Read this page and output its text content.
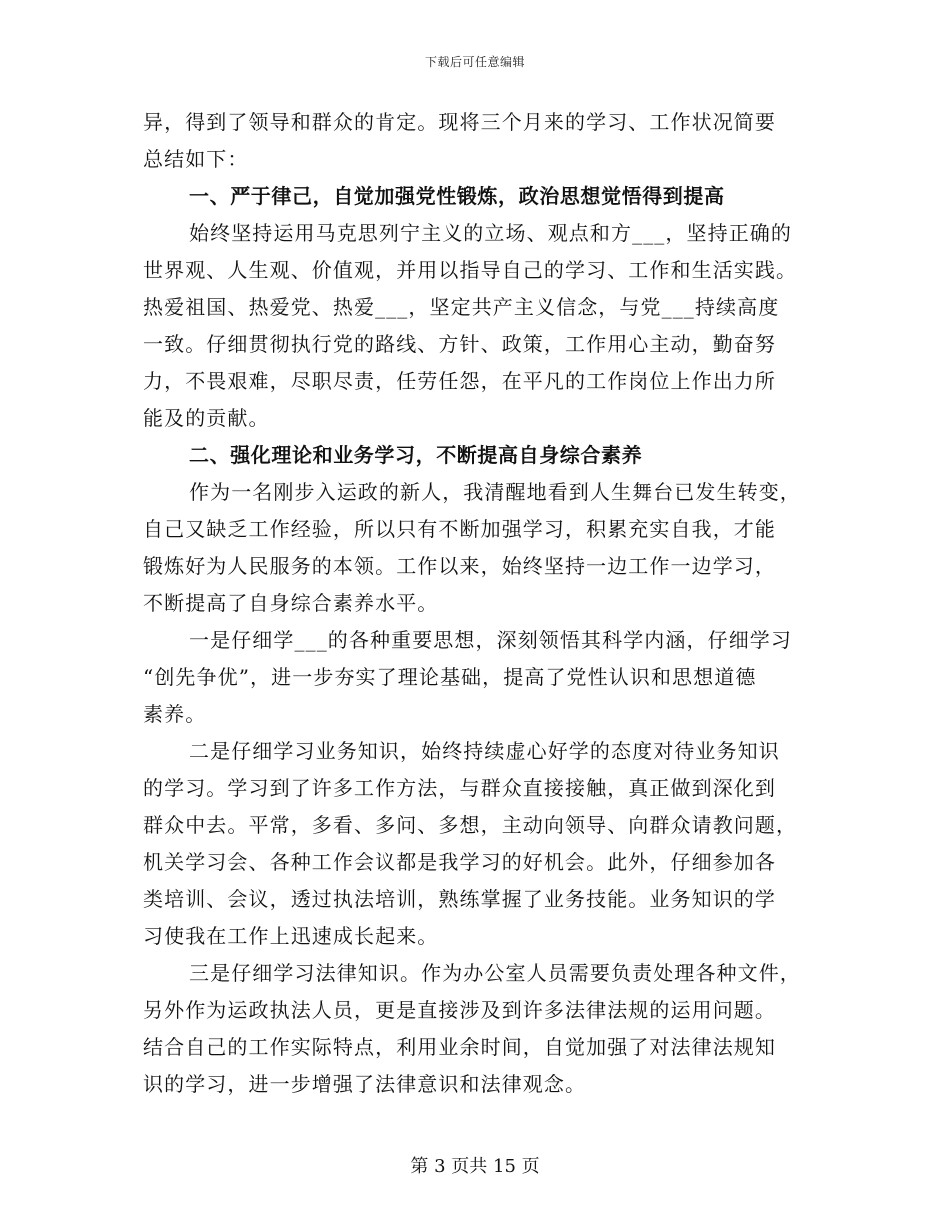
下载后可任意编辑
异，得到了领导和群众的肯定。现将三个月来的学习、工作状况简要
总结如下：
一、严于律己，自觉加强党性锻炼，政治思想觉悟得到提高
始终坚持运用马克思列宁主义的立场、观点和方___，坚持正确的
世界观、人生观、价值观，并用以指导自己的学习、工作和生活实践。
热爱祖国、热爱党、热爱___，坚定共产主义信念，与党___持续高度
一致。仔细贯彻执行党的路线、方针、政策，工作用心主动，勤奋努
力，不畏艰难，尽职尽责，任劳任怨，在平凡的工作岗位上作出力所
能及的贡献。
二、强化理论和业务学习，不断提高自身综合素养
作为一名刚步入运政的新人，我清醒地看到人生舞台已发生转变，
自己又缺乏工作经验，所以只有不断加强学习，积累充实自我，才能
锻炼好为人民服务的本领。工作以来，始终坚持一边工作一边学习，
不断提高了自身综合素养水平。
一是仔细学___的各种重要思想，深刻领悟其科学内涵，仔细学习
“创先争优”，进一步夯实了理论基础，提高了党性认识和思想道德
素养。
二是仔细学习业务知识，始终持续虚心好学的态度对待业务知识
的学习。学习到了许多工作方法，与群众直接接触，真正做到深化到
群众中去。平常，多看、多问、多想，主动向领导、向群众请教问题，
机关学习会、各种工作会议都是我学习的好机会。此外，仔细参加各
类培训、会议，透过执法培训，熟练掌握了业务技能。业务知识的学
习使我在工作上迅速成长起来。
三是仔细学习法律知识。作为办公室人员需要负责处理各种文件，
另外作为运政执法人员，更是直接涉及到许多法律法规的运用问题。
结合自己的工作实际特点，利用业余时间，自觉加强了对法律法规知
识的学习，进一步增强了法律意识和法律观念。
第 3 页共 15 页
